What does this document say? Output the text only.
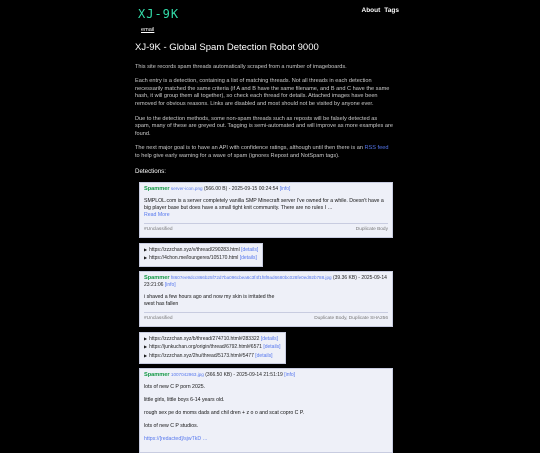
XJ-9K
email
About Tags
XJ-9K - Global Spam Detection Robot 9000

This site records spam threads automatically scraped from a number of imageboards.

Each entry is a detection, containing a list of matching threads. Not all threads in each detection necessarily matched the same criteria (if A and B have the same filename, and B and C have the same hash, it will group them all together), so check each thread for details. Attached images have been removed for obvious reasons. Links are disabled and most should not be visited by anyone ever.

Due to the detection methods, some non-spam threads such as reposts will be falsely detected as spam, many of these are greyed out. Tagging is semi-automated and will improve as more examples are found.

The next major goal is to have an API with confidence ratings, although until then there is an RSS feed to help give early warning for a wave of spam (ignores Repost and NotSpam tags).

Detections:
Spammer server-icon.png (566.00 B) - 2025-09-15 00:24:54 [info]
SMPLOL.com is a server completely vanilla SMP Minecraft server I've owned for a while. Doesn't have a big player base but does have a small tight knit community. There are no rules I …
Read More
#Unclassified	Duplicate Body
▶ https://zzzchan.xyz/v/thread/290283.html [details]
▶ https://4chon.me/loungeres/105170.html [details]
Spammer f8607ee9dcc866b25f72d7ba096cbea6c3f4f1f8f9ad6680bc028fe0ed92b788.jpg (39.36 KB) - 2025-09-14 23:21:06 [info]
i shaved a few hours ago and now my skin is irritated the west has fallen
#Unclassified	Duplicate Body, Duplicate SHA256
▶ https://zzzchan.xyz/b/thread/274710.html#283322 [details]
▶ https://junkuchan.org/origin/thread/6792.html#6571 [details]
▶ https://zzzchan.xyz/2hu/thread/5173.html#5477 [details]
Spammer 1007042963.jpg (366.50 KB) - 2025-09-14 21:51:19 [info]

lots of new C P porn 2025.

little girls, little boys 6-14 years old.

rough sex pe do moms dads and chil dren + z o o and scat copro C P.

lots of new C P studios.

https://[redacted]/sjwTkD …
